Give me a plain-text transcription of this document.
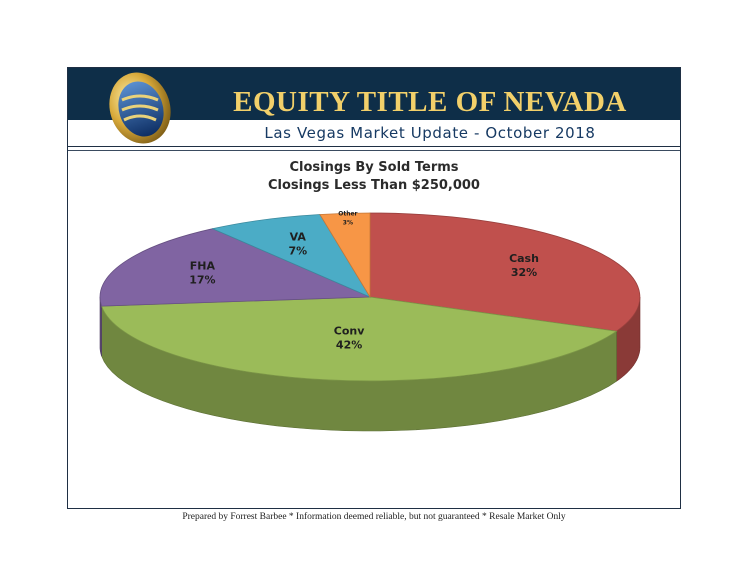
EQUITY TITLE OF NEVADA
Las Vegas Market Update - October 2018
Closings By Sold Terms
Closings Less Than $250,000
Cash
32%
Conv
42%
FHA
17%
VA
7%
Other
3%
Prepared by Forrest Barbee * Information deemed reliable, but not guaranteed * Resale Market Only
